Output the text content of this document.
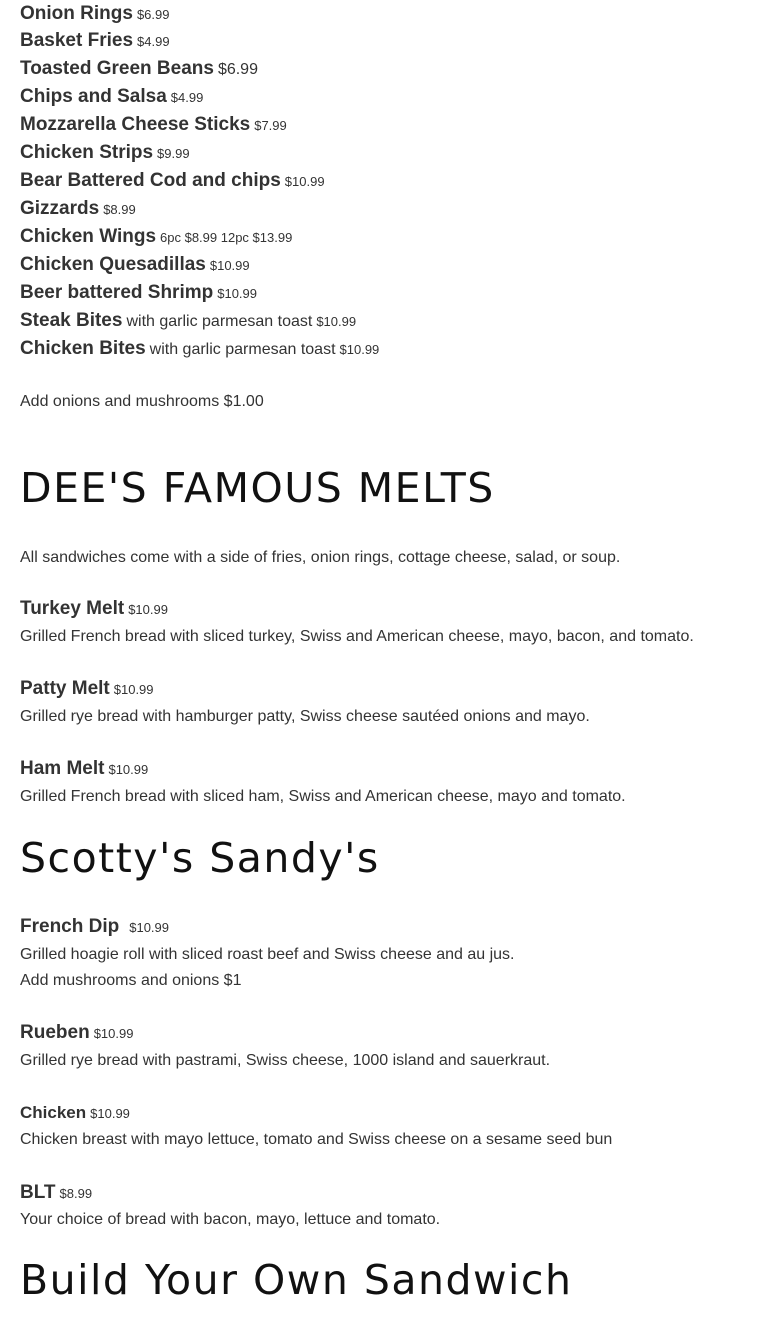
Onion Rings $6.99
Basket Fries $4.99
Toasted Green Beans $6.99
Chips and Salsa $4.99
Mozzarella Cheese Sticks $7.99
Chicken Strips $9.99
Bear Battered Cod and chips $10.99
Gizzards $8.99
Chicken Wings 6pc $8.99 12pc $13.99
Chicken Quesadillas $10.99
Beer battered Shrimp $10.99
Steak Bites with garlic parmesan toast $10.99
Chicken Bites with garlic parmesan toast $10.99
Add onions and mushrooms $1.00
DEE'S FAMOUS MELTS
All sandwiches come with a side of fries, onion rings, cottage cheese, salad, or soup.
Turkey Melt $10.99
Grilled French bread with sliced turkey, Swiss and American cheese, mayo, bacon, and tomato.
Patty Melt $10.99
Grilled rye bread with hamburger patty, Swiss cheese sautéed onions and mayo.
Ham Melt $10.99
Grilled French bread with sliced ham, Swiss and American cheese, mayo and tomato.
Scotty's Sandy's
French Dip $10.99
Grilled hoagie roll with sliced roast beef and Swiss cheese and au jus.
Add mushrooms and onions $1
Rueben $10.99
Grilled rye bread with pastrami, Swiss cheese, 1000 island and sauerkraut.
Chicken $10.99
Chicken breast with mayo lettuce, tomato and Swiss cheese on a sesame seed bun
BLT $8.99
Your choice of bread with bacon, mayo, lettuce and tomato.
Build Your Own Sandwich
